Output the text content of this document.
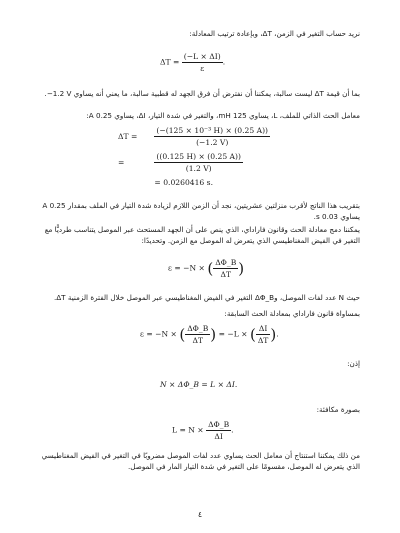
نريد حساب التغير في الزمن، ΔT، وبإعادة ترتيب المعادلة:

$\Delta T = \frac{(-L \times \Delta I)}{\varepsilon}$ .

بما أن قيمة ΔT ليست سالبة، يمكننا أن نفترض أن فرق الجهد له قطبية سالبة، ما يعني أنه يساوي ‎−1.2 V‎.

معامل الحث الذاتي للملف، L، يساوي 125 mH، والتغير في شدة التيار، ΔI، يساوي 0.25 A:

$\Delta T = \frac{\text{(−(125 × 10⁻³ H) × (0.25 A))}}{(-1.2 V)}$
=	$\frac{((0.125 H) \times (0.25 A))}{(1.2 V)}$
= 0.0260416 s.

بتقريب هذا الناتج لأقرب منزلتين عشريتين، نجد أن الزمن اللازم لزيادة شدة التيار في الملف بمقدار 0.25 A يساوي 0.03 s.

يمكننا دمج معادلة الحث وقانون فاراداي، الذي ينص على أن الجهد المستحث عبر الموصل يتناسب طرديًّا مع التغير في الفيض المغناطيسي الذي يتعرض له الموصل مع الزمن. وتحديدًا:

ε = −N × ( $\frac{\Delta\Phi\_B}{\Delta T}$ )

حيث N عدد لفات الموصل، وΔΦ_B التغير في الفيض المغناطيسي عبر الموصل خلال الفترة الزمنية ΔT.

بمساواة قانون فاراداي بمعادلة الحث السابقة:

ε = −N × ( $\frac{\Delta\Phi\_B}{\Delta T}$ ) = −L × ( $\frac{\Delta I}{\Delta T}$ ).

إذن:

N × ΔΦ_B = L × ΔI.

بصورة مكافئة:

$L = N \times \frac{\Delta\Phi\_B}{\Delta I}$ .

من ذلك يمكننا استنتاج أن معامل الحث يساوي عدد لفات الموصل مضروبًا في التغير في الفيض المغناطيسي الذي يتعرض له الموصل، مقسومًا على التغير في شدة التيار المار في الموصل.

٤
